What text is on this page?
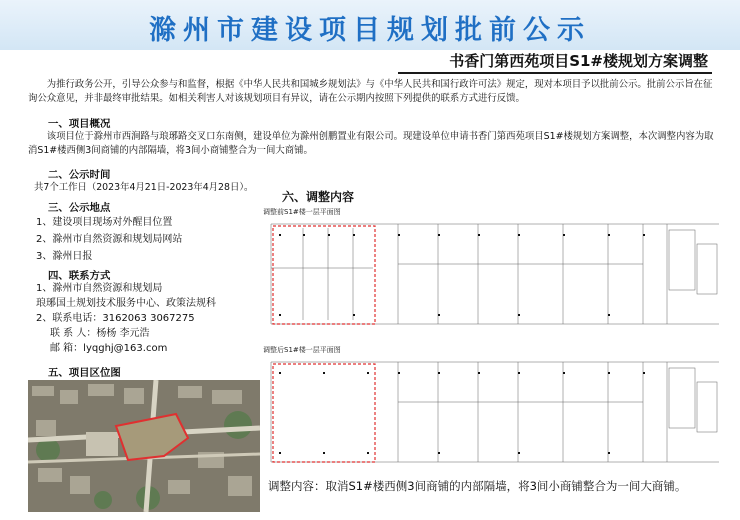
滁州市建设项目规划批前公示
书香门第西苑项目S1#楼规划方案调整
为推行政务公开，引导公众参与和监督，根据《中华人民共和国城乡规划法》与《中华人民共和国行政许可法》规定，现对本项目予以批前公示。批前公示旨在征询公众意见，并非最终审批结果。如相关利害人对该规划项目有异议，请在公示期内按照下列提供的联系方式进行反馈。
一、项目概况
该项目位于滁州市西涧路与琅琊路交叉口东南侧，建设单位为滁州创鹏置业有限公司。现建设单位申请书香门第西苑项目S1#楼规划方案调整，本次调整内容为取消S1#楼西侧3间商铺的内部隔墙，将3间小商铺整合为一间大商铺。
二、公示时间
共7个工作日（2023年4月21日-2023年4月28日）。
三、公示地点
1、建设项目现场对外醒目位置
2、滁州市自然资源和规划局网站
3、滁州日报
四、联系方式
1、滁州市自然资源和规划局
琅琊国土规划技术服务中心、政策法规科
2、联系电话：3162063 3067275
联 系 人：杨杨 李元浩
邮 箱：lyqghj@163.com
五、项目区位图
六、调整内容
调整前S1#楼一层平面图
调整后S1#楼一层平面图
调整内容：取消S1#楼西侧3间商铺的内部隔墙，将3间小商铺整合为一间大商铺。
